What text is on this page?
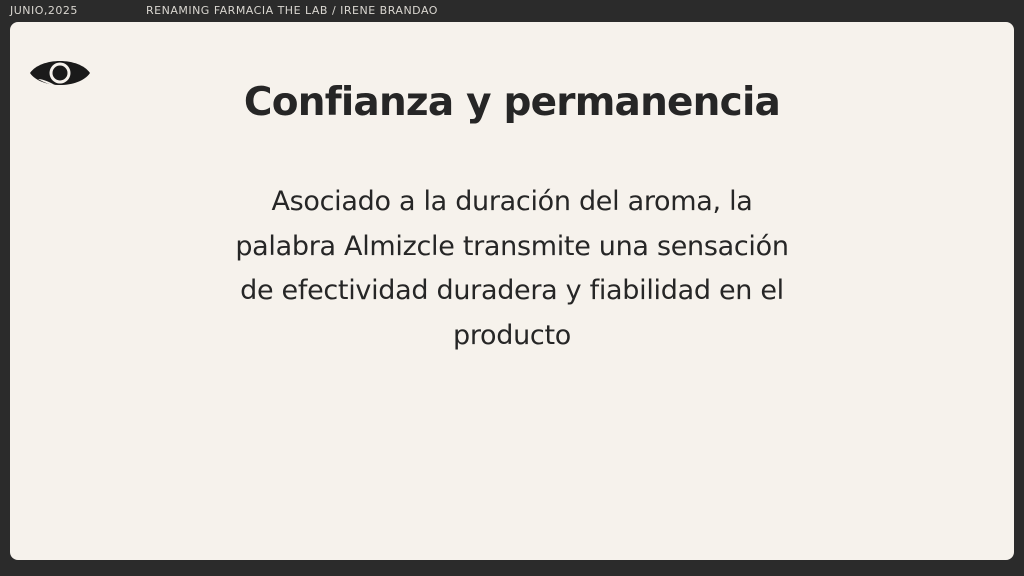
JUNIO,2025	RENAMING FARMACIA THE LAB / IRENE BRANDAO
Confianza y permanencia

Asociado a la duración del aroma, la palabra Almizcle transmite una sensación de efectividad duradera y fiabilidad en el producto
